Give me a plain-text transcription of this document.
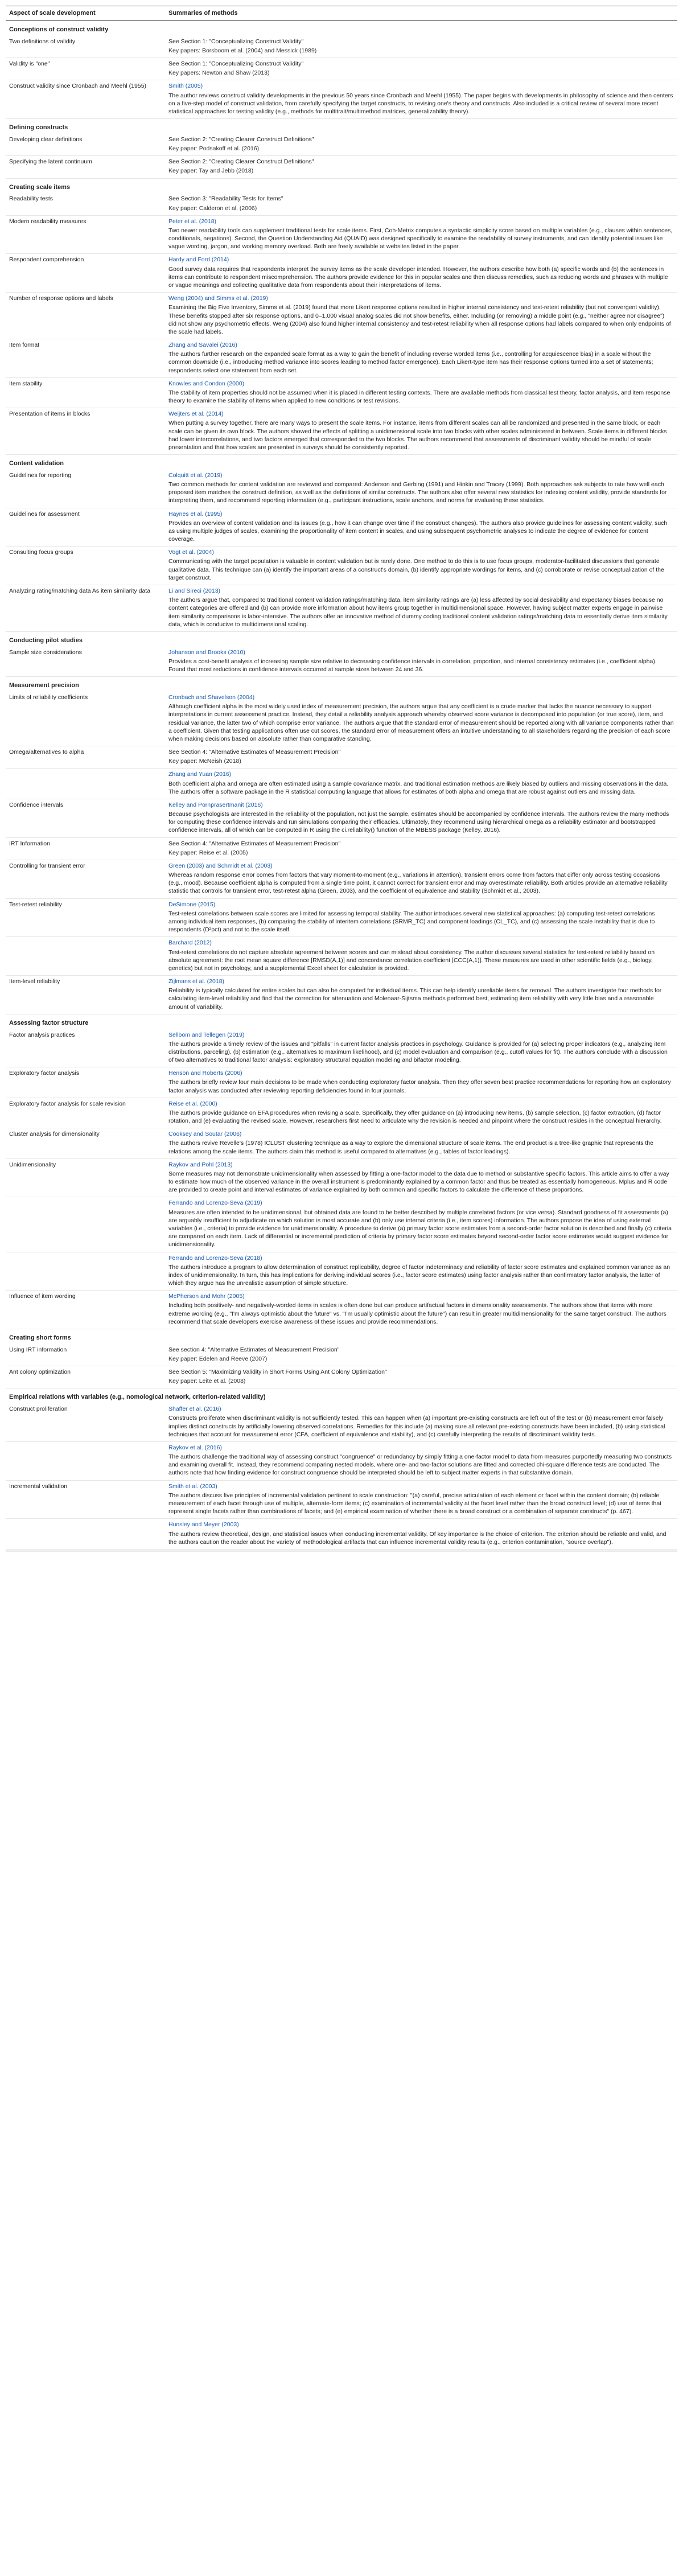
Aspect of scale development	Summaries of methods
Conceptions of construct validity	
Two definitions of validity	See Section 1: "Conceptualizing Construct Validity"

Key papers: Borsboom et al. (2004) and Messick (1989)

Validity is "one"	See Section 1: "Conceptualizing Construct Validity"

Key papers: Newton and Shaw (2013)

Construct validity since Cronbach and Meehl (1955)	Smith (2005)

The author reviews construct validity developments in the previous 50 years since Cronbach and Meehl (1955). The paper begins with developments in philosophy of science and then centers on a five-step model of construct validation, from carefully specifying the target constructs, to revising one's theory and constructs. Also included is a critical review of several more recent statistical approaches for testing validity (e.g., methods for multitrait/multimethod matrices, generalizability theory).

Defining constructs	
Developing clear definitions	See Section 2: "Creating Clearer Construct Definitions"

Key paper: Podsakoff et al. (2016)

Specifying the latent continuum	See Section 2: "Creating Clearer Construct Definitions"

Key paper: Tay and Jebb (2018)

Creating scale items	
Readability tests	See Section 3: "Readability Tests for Items"

Key paper: Calderon et al. (2006)

Modern readability measures	Peter et al. (2018)

Two newer readability tools can supplement traditional tests for scale items. First, Coh-Metrix computes a syntactic simplicity score based on multiple variables (e.g., clauses within sentences, conditionals, negations). Second, the Question Understanding Aid (QUAID) was designed specifically to examine the readability of survey instruments, and can identify potential issues like vague wording, jargon, and working memory overload. Both are freely available at websites listed in the paper.

Respondent comprehension	Hardy and Ford (2014)

Good survey data requires that respondents interpret the survey items as the scale developer intended. However, the authors describe how both (a) specific words and (b) the sentences in items can contribute to respondent miscomprehension. The authors provide evidence for this in popular scales and then discuss remedies, such as reducing words and phrases with multiple or vague meanings and collecting qualitative data from respondents about their interpretations of items.

Number of response options and labels	Weng (2004) and Simms et al. (2019)

Examining the Big Five Inventory, Simms et al. (2019) found that more Likert response options resulted in higher internal consistency and test-retest reliability (but not convergent validity). These benefits stopped after six response options, and 0–1,000 visual analog scales did not show benefits, either. Including (or removing) a middle point (e.g., "neither agree nor disagree") did not show any psychometric effects. Weng (2004) also found higher internal consistency and test-retest reliability when all response options had labels compared to when only endpoints of the scale had labels.

Item format	Zhang and Savalei (2016)

The authors further research on the expanded scale format as a way to gain the benefit of including reverse worded items (i.e., controlling for acquiescence bias) in a scale without the common downside (i.e., introducing method variance into scores leading to method factor emergence). Each Likert-type item has their response options turned into a set of statements; respondents select one statement from each set.

Item stability	Knowles and Condon (2000)

The stability of item properties should not be assumed when it is placed in different testing contexts. There are available methods from classical test theory, factor analysis, and item response theory to examine the stability of items when applied to new conditions or test revisions.

Presentation of items in blocks	Weijters et al. (2014)

When putting a survey together, there are many ways to present the scale items. For instance, items from different scales can all be randomized and presented in the same block, or each scale can be given its own block. The authors showed the effects of splitting a unidimensional scale into two blocks with other scales administered in between. Scale items in different blocks had lower intercorrelations, and two factors emerged that corresponded to the two blocks. The authors recommend that assessments of discriminant validity should be mindful of scale presentation and that how scales are presented in surveys should be consistently reported.

Content validation	
Guidelines for reporting	Colquitt et al. (2019)

Two common methods for content validation are reviewed and compared: Anderson and Gerbing (1991) and Hinkin and Tracey (1999). Both approaches ask subjects to rate how well each proposed item matches the construct definition, as well as the definitions of similar constructs. The authors also offer several new statistics for indexing content validity, provide standards for interpreting them, and recommend reporting information (e.g., participant instructions, scale anchors, and norms for evaluating these statistics.

Guidelines for assessment	Haynes et al. (1995)

Provides an overview of content validation and its issues (e.g., how it can change over time if the construct changes). The authors also provide guidelines for assessing content validity, such as using multiple judges of scales, examining the proportionality of item content in scales, and using subsequent psychometric analyses to indicate the degree of evidence for content coverage.

Consulting focus groups	Vogt et al. (2004)

Communicating with the target population is valuable in content validation but is rarely done. One method to do this is to use focus groups, moderator-facilitated discussions that generate qualitative data. This technique can (a) identify the important areas of a construct's domain, (b) identify appropriate wordings for items, and (c) corroborate or revise conceptualization of the target construct.

Analyzing rating/matching data As item similarity data	Li and Sireci (2013)

The authors argue that, compared to traditional content validation ratings/matching data, item similarity ratings are (a) less affected by social desirability and expectancy biases because no content categories are offered and (b) can provide more information about how items group together in multidimensional space. However, having subject matter experts engage in pairwise item similarity comparisons is labor-intensive. The authors offer an innovative method of dummy coding traditional content validation ratings/matching data to essentially derive item similarity data, which is conducive to multidimensional scaling.

Conducting pilot studies	
Sample size considerations	Johanson and Brooks (2010)

Provides a cost-benefit analysis of increasing sample size relative to decreasing confidence intervals in correlation, proportion, and internal consistency estimates (i.e., coefficient alpha). Found that most reductions in confidence intervals occurred at sample sizes between 24 and 36.

Measurement precision	
Limits of reliability coefficients	Cronbach and Shavelson (2004)

Although coefficient alpha is the most widely used index of measurement precision, the authors argue that any coefficient is a crude marker that lacks the nuance necessary to support interpretations in current assessment practice. Instead, they detail a reliability analysis approach whereby observed score variance is decomposed into population (or true score), item, and residual variance, the latter two of which comprise error variance. The authors argue that the standard error of measurement should be reported along with all variance components rather than a coefficient. Given that testing applications often use cut scores, the standard error of measurement offers an intuitive understanding to all stakeholders regarding the precision of each score when making decisions based on absolute rather than comparative standing.

Omega/alternatives to alpha	See Section 4: "Alternative Estimates of Measurement Precision"

Key paper: McNeish (2018)

	Zhang and Yuan (2016)

Both coefficient alpha and omega are often estimated using a sample covariance matrix, and traditional estimation methods are likely biased by outliers and missing observations in the data. The authors offer a software package in the R statistical computing language that allows for estimates of both alpha and omega that are robust against outliers and missing data.

Confidence intervals	Kelley and Pornprasertmanit (2016)

Because psychologists are interested in the reliability of the population, not just the sample, estimates should be accompanied by confidence intervals. The authors review the many methods for computing these confidence intervals and run simulations comparing their efficacies. Ultimately, they recommend using hierarchical omega as a reliability estimator and bootstrapped confidence intervals, all of which can be computed in R using the ci.reliability() function of the MBESS package (Kelley, 2016).

IRT Information	See Section 4: "Alternative Estimates of Measurement Precision"

Key paper: Reise et al. (2005)

Controlling for transient error	Green (2003) and Schmidt et al. (2003)

Whereas random response error comes from factors that vary moment-to-moment (e.g., variations in attention), transient errors come from factors that differ only across testing occasions (e.g., mood). Because coefficient alpha is computed from a single time point, it cannot correct for transient error and may overestimate reliability. Both articles provide an alternative reliability statistic that controls for transient error, test-retest alpha (Green, 2003), and the coefficient of equivalence and stability (Schmidt et al., 2003).

Test-retest reliability	DeSimone (2015)

Test-retest correlations between scale scores are limited for assessing temporal stability. The author introduces several new statistical approaches: (a) computing test-retest correlations among individual item responses, (b) comparing the stability of interitem correlations (SRMR_TC) and component loadings (CL_TC), and (c) assessing the scale instability that is due to respondents (D²pct) and not to the scale itself.

	Barchard (2012)

Test-retest correlations do not capture absolute agreement between scores and can mislead about consistency. The author discusses several statistics for test-retest reliability based on absolute agreement: the root mean square difference [RMSD(A,1)] and concordance correlation coefficient [CCC(A,1)]. These measures are used in other scientific fields (e.g., biology, genetics) but not in psychology, and a supplemental Excel sheet for calculation is provided.

Item-level reliability	Zijlmans et al. (2018)

Reliability is typically calculated for entire scales but can also be computed for individual items. This can help identify unreliable items for removal. The authors investigate four methods for calculating item-level reliability and find that the correction for attenuation and Molenaar-Sijtsma methods performed best, estimating item reliability with very little bias and a reasonable amount of variability.

Assessing factor structure	
Factor analysis practices	Sellbom and Tellegen (2019)

The authors provide a timely review of the issues and "pitfalls" in current factor analysis practices in psychology. Guidance is provided for (a) selecting proper indicators (e.g., analyzing item distributions, parceling), (b) estimation (e.g., alternatives to maximum likelihood), and (c) model evaluation and comparison (e.g., cutoff values for fit). The authors conclude with a discussion of two alternatives to traditional factor analysis: exploratory structural equation modeling and bifactor modeling.

Exploratory factor analysis	Henson and Roberts (2006)

The authors briefly review four main decisions to be made when conducting exploratory factor analysis. Then they offer seven best practice recommendations for reporting how an exploratory factor analysis was conducted after reviewing reporting deficiencies found in four journals.

Exploratory factor analysis for scale revision	Reise et al. (2000)

The authors provide guidance on EFA procedures when revising a scale. Specifically, they offer guidance on (a) introducing new items, (b) sample selection, (c) factor extraction, (d) factor rotation, and (e) evaluating the revised scale. However, researchers first need to articulate why the revision is needed and pinpoint where the construct resides in the conceptual hierarchy.

Cluster analysis for dimensionality	Cooksey and Soutar (2006)

The authors revive Revelle's (1978) ICLUST clustering technique as a way to explore the dimensional structure of scale items. The end product is a tree-like graphic that represents the relations among the scale items. The authors claim this method is useful compared to alternatives (e.g., tables of factor loadings).

Unidimensionality	Raykov and Pohl (2013)

Some measures may not demonstrate unidimensionality when assessed by fitting a one-factor model to the data due to method or substantive specific factors. This article aims to offer a way to estimate how much of the observed variance in the overall instrument is predominantly explained by a common factor and thus be treated as essentially homogeneous. Mplus and R code are provided to create point and interval estimates of variance explained by both common and specific factors to calculate the difference of these proportions.

	Ferrando and Lorenzo-Seva (2019)

Measures are often intended to be unidimensional, but obtained data are found to be better described by multiple correlated factors (or vice versa). Standard goodness of fit assessments (a) are arguably insufficient to adjudicate on which solution is most accurate and (b) only use internal criteria (i.e., item scores) information. The authors propose the idea of using external variables (i.e., criteria) to provide evidence for unidimensionality. A procedure to derive (a) primary factor score estimates from a second-order factor solution is described and finally (c) criteria are compared on each item. Lack of differential or incremental prediction of criteria by primary factor score estimates beyond second-order factor score estimates would suggest evidence for unidimensionality.

	Ferrando and Lorenzo-Seva (2018)

The authors introduce a program to allow determination of construct replicability, degree of factor indeterminacy and reliability of factor score estimates and explained common variance as an index of unidimensionality. In turn, this has implications for deriving individual scores (i.e., factor score estimates) using factor analysis rather than confirmatory factor analysis, the latter of which they argue has the unrealistic assumption of simple structure.

Influence of item wording	McPherson and Mohr (2005)

Including both positively- and negatively-worded items in scales is often done but can produce artifactual factors in dimensionality assessments. The authors show that items with more extreme wording (e.g., "I'm always optimistic about the future" vs. "I'm usually optimistic about the future") can result in greater multidimensionality for the same target construct. The authors recommend that scale developers exercise awareness of these issues and provide recommendations.

Creating short forms	
Using IRT information	See section 4: "Alternative Estimates of Measurement Precision"

Key paper: Edelen and Reeve (2007)

Ant colony optimization	See Section 5: "Maximizing Validity in Short Forms Using Ant Colony Optimization"

Key paper: Leite et al. (2008)

Empirical relations with variables (e.g., nomological network, criterion-related validity)	
Construct proliferation	Shaffer et al. (2016)

Constructs proliferate when discriminant validity is not sufficiently tested. This can happen when (a) important pre-existing constructs are left out of the test or (b) measurement error falsely implies distinct constructs by artificially lowering observed correlations. Remedies for this include (a) making sure all relevant pre-existing constructs have been included, (b) using statistical techniques that account for measurement error (CFA, coefficient of equivalence and stability), and (c) carefully interpreting the results of discriminant validity tests.

	Raykov et al. (2016)

The authors challenge the traditional way of assessing construct "congruence" or redundancy by simply fitting a one-factor model to data from measures purportedly measuring two constructs and examining overall fit. Instead, they recommend comparing nested models, where one- and two-factor solutions are fitted and corrected chi-square difference tests are conducted. The authors note that how finding evidence for construct congruence should be interpreted should be left to subject matter experts in that substantive domain.

Incremental validation	Smith et al. (2003)

The authors discuss five principles of incremental validation pertinent to scale construction: "(a) careful, precise articulation of each element or facet within the content domain; (b) reliable measurement of each facet through use of multiple, alternate-form items; (c) examination of incremental validity at the facet level rather than the broad construct level; (d) use of items that represent single facets rather than combinations of facets; and (e) empirical examination of whether there is a broad construct or a combination of separate constructs" (p. 467).

	Hunsley and Meyer (2003)

The authors review theoretical, design, and statistical issues when conducting incremental validity. Of key importance is the choice of criterion. The criterion should be reliable and valid, and the authors caution the reader about the variety of methodological artifacts that can influence incremental validity results (e.g., criterion contamination, "source overlap").
